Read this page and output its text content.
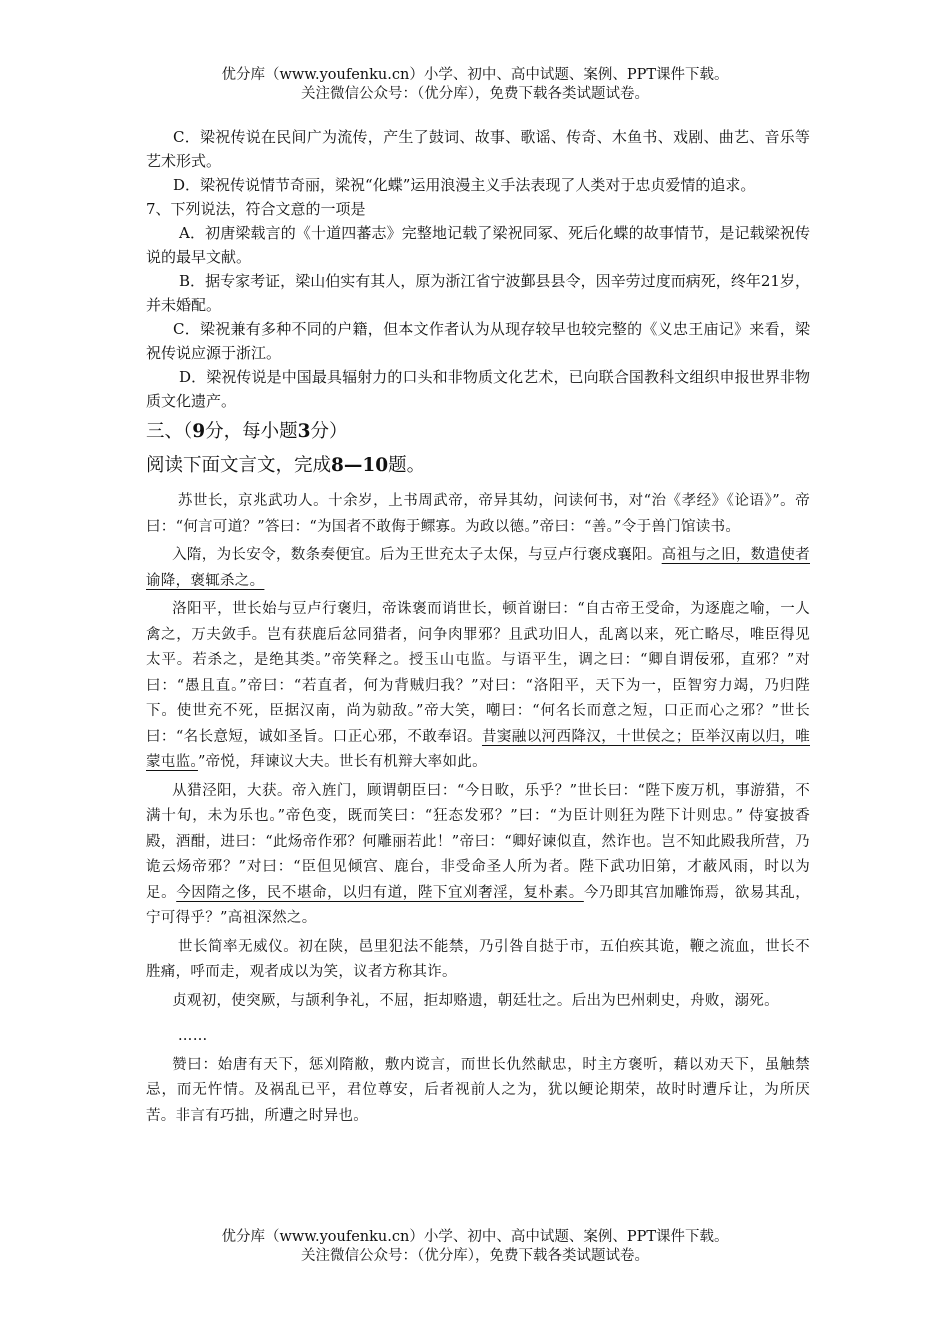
优分库（www.youfenku.cn）小学、初中、高中试题、案例、PPT课件下载。
关注微信公众号：（优分库），免费下载各类试题试卷。

C．梁祝传说在民间广为流传，产生了鼓词、故事、歌谣、传奇、木鱼书、戏剧、曲艺、音乐等艺术形式。

D．梁祝传说情节奇丽，梁祝“化蝶”运用浪漫主义手法表现了人类对于忠贞爱情的追求。

7、下列说法，符合文意的一项是

A．初唐梁载言的《十道四蕃志》完整地记载了梁祝同冢、死后化蝶的故事情节，是记载梁祝传说的最早文献。

B．据专家考证，梁山伯实有其人，原为浙江省宁波鄞县县令，因辛劳过度而病死，终年21岁，并未婚配。

C．梁祝兼有多种不同的户籍，但本文作者认为从现存较早也较完整的《义忠王庙记》来看，梁祝传说应源于浙江。

D．梁祝传说是中国最具辐射力的口头和非物质文化艺术，已向联合国教科文组织申报世界非物质文化遗产。

三、（9分，每小题3分）

阅读下面文言文，完成8—10题。

苏世长，京兆武功人。十余岁，上书周武帝，帝异其幼，问读何书，对“治《孝经》《论语》”。帝曰：“何言可道？”答曰：“为国者不敢侮于鳏寡。为政以德。”帝曰：“善。”令于兽门馆读书。

入隋，为长安令，数条奏便宜。后为王世充太子太保，与豆卢行褒戍襄阳。高祖与之旧，数遣使者谕降，褒辄杀之。

洛阳平，世长始与豆卢行褒归，帝诛褒而诮世长，顿首谢曰：“自古帝王受命，为逐鹿之喻，一人禽之，万夫敛手。岂有获鹿后忿同猎者，问争肉罪邪？且武功旧人，乱离以来，死亡略尽，唯臣得见太平。若杀之，是绝其类。”帝笑释之。授玉山屯监。与语平生，调之曰：“卿自谓佞邪，直邪？”对曰：“愚且直。”帝曰：“若直者，何为背贼归我？”对曰：“洛阳平，天下为一，臣智穷力竭，乃归陛下。使世充不死，臣据汉南，尚为勍敌。”帝大笑，嘲曰：“何名长而意之短，口正而心之邪？”世长曰：“名长意短，诚如圣旨。口正心邪，不敢奉诏。昔窦融以河西降汉，十世侯之；臣举汉南以归，唯蒙屯监。”帝悦，拜谏议大夫。世长有机辩大率如此。

从猎泾阳，大获。帝入旌门，顾谓朝臣曰：“今日畋，乐乎？”世长曰：“陛下废万机，事游猎，不满十旬，未为乐也。”帝色变，既而笑曰：“狂态发邪？”曰：“为臣计则狂为陛下计则忠。” 侍宴披香殿，酒酣，进曰：“此炀帝作邪？何雕丽若此！”帝曰：“卿好谏似直，然诈也。岂不知此殿我所营，乃诡云炀帝邪？”对曰：“臣但见倾宫、鹿台，非受命圣人所为者。陛下武功旧第，才蔽风雨，时以为足。今因隋之侈，民不堪命，以归有道，陛下宜刈奢淫，复朴素。今乃即其宫加雕饰焉，欲易其乱，宁可得乎？”高祖深然之。

世长简率无威仪。初在陕，邑里犯法不能禁，乃引咎自挞于市，五伯疾其诡，鞭之流血，世长不胜痛，呼而走，观者成以为笑，议者方称其诈。

贞观初，使突厥，与颉利争礼，不屈，拒却赂遗，朝廷壮之。后出为巴州刺史，舟败，溺死。

……

赞曰：始唐有天下，惩刈隋敝，敷内谠言，而世长仇然献忠，时主方褒听，藉以劝天下，虽触禁忌，而无忤情。及祸乱已平，君位尊安，后者视前人之为，犹以鲠论期荣，故时时遭斥让，为所厌苦。非言有巧拙，所遭之时异也。

优分库（www.youfenku.cn）小学、初中、高中试题、案例、PPT课件下载。
关注微信公众号：（优分库），免费下载各类试题试卷。
